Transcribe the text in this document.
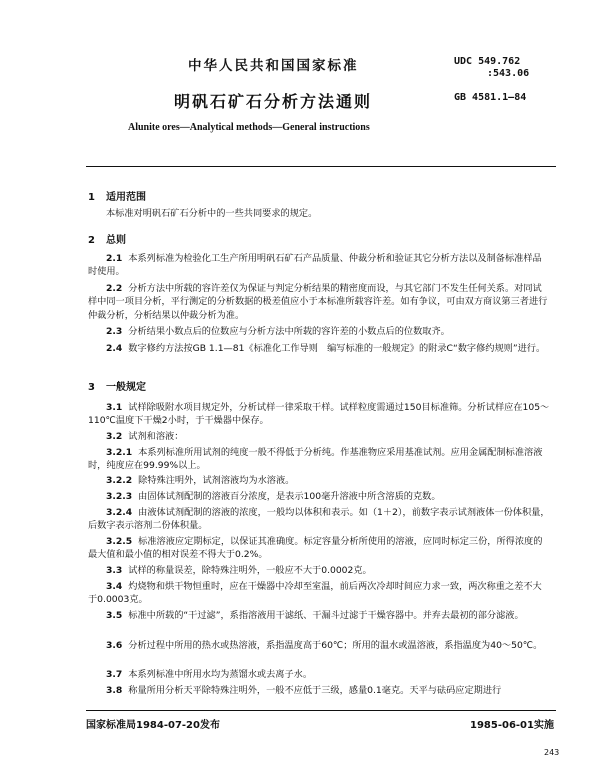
中华人民共和国国家标准	UDC 549.762
:543.06
明矾石矿石分析方法通则	GB 4581.1—84
Alunite ores—Analytical methods—General instructions
1 适用范围
本标准对明矾石矿石分析中的一些共同要求的规定。
2 总则
2.1 本系列标准为检验化工生产所用明矾石矿石产品质量、仲裁分析和验证其它分析方法以及制备标准样品时使用。
2.2 分析方法中所载的容许差仅为保证与判定分析结果的精密度而设，与其它部门不发生任何关系。对同试样中同一项目分析，平行测定的分析数据的极差值应小于本标准所载容许差。如有争议，可由双方商议第三者进行仲裁分析，分析结果以仲裁分析为准。
2.3 分析结果小数点后的位数应与分析方法中所载的容许差的小数点后的位数取齐。
2.4 数字修约方法按GB 1.1—81《标准化工作导则　编写标准的一般规定》的附录C“数字修约规则”进行。
3 一般规定
3.1 试样除吸附水项目规定外，分析试样一律采取干样。试样粒度需通过150目标准筛。分析试样应在105～110℃温度下干燥2小时，于干燥器中保存。
3.2 试剂和溶液：
3.2.1 本系列标准所用试剂的纯度一般不得低于分析纯。作基准物应采用基准试剂。应用金属配制标准溶液时，纯度应在99.99%以上。
3.2.2 除特殊注明外，试剂溶液均为水溶液。
3.2.3 由固体试剂配制的溶液百分浓度，是表示100毫升溶液中所含溶质的克数。
3.2.4 由液体试剂配制的溶液的浓度，一般均以体积和表示。如（1＋2），前数字表示试剂液体一份体积量，后数字表示溶剂二份体积量。
3.2.5 标准溶液应定期标定，以保证其准确度。标定容量分析所使用的溶液，应同时标定三份，所得浓度的最大值和最小值的相对误差不得大于0.2%。
3.3 试样的称量误差，除特殊注明外，一般应不大于0.0002克。
3.4 灼烧物和烘干物恒重时，应在干燥器中冷却至室温，前后两次冷却时间应力求一致，两次称重之差不大于0.0003克。
3.5 标准中所载的“干过滤”，系指溶液用干滤纸、干漏斗过滤于干燥容器中。并弃去最初的部分滤液。
3.6 分析过程中所用的热水或热溶液，系指温度高于60℃；所用的温水或温溶液，系指温度为40～50℃。
3.7 本系列标准中所用水均为蒸馏水或去离子水。
3.8 称量所用分析天平除特殊注明外，一般不应低于三级，感量0.1毫克。天平与砝码应定期进行
国家标准局1984-07-20发布	1985-06-01实施
243
